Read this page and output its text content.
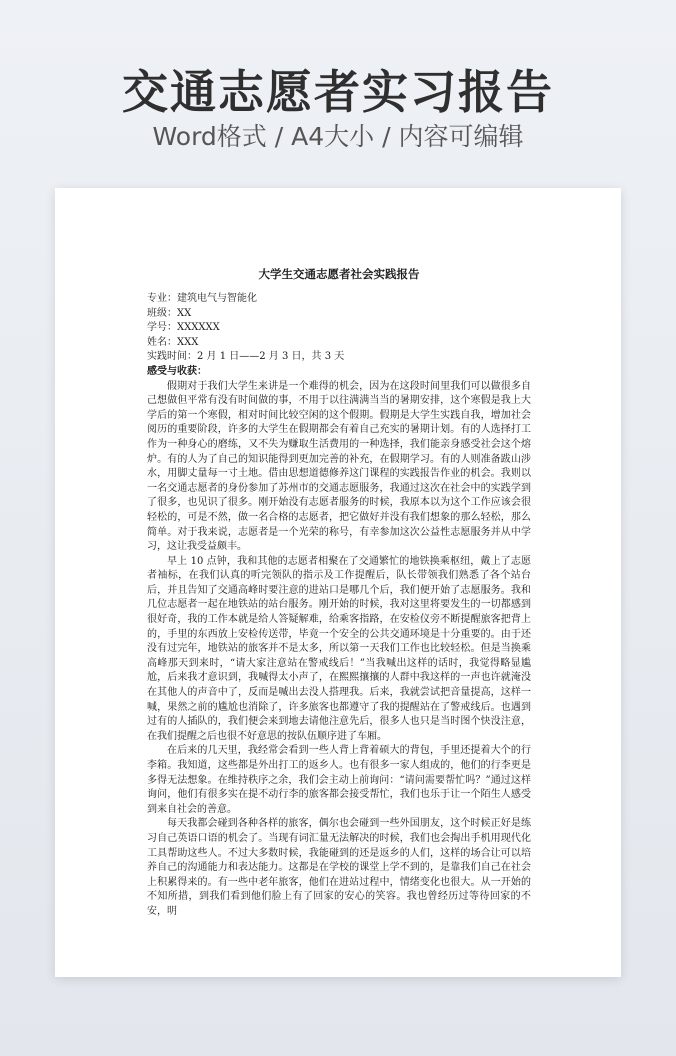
交通志愿者实习报告
Word格式 / A4大小 / 内容可编辑
大学生交通志愿者社会实践报告
专业：建筑电气与智能化
班级：XX
学号：XXXXXX
姓名：XXX
实践时间：2 月 1 日——2 月 3 日，共 3 天
感受与收获：

假期对于我们大学生来讲是一个难得的机会，因为在这段时间里我们可以做很多自己想做但平常有没有时间做的事，不用于以往满满当当的暑期安排，这个寒假是我上大学后的第一个寒假，相对时间比较空闲的这个假期。假期是大学生实践自我，增加社会阅历的重要阶段，许多的大学生在假期都会有着自己充实的暑期计划。有的人选择打工作为一种身心的磨练，又不失为赚取生活费用的一种选择，我们能亲身感受社会这个熔炉。有的人为了自己的知识能得到更加完善的补充，在假期学习。有的人则准备跋山涉水，用脚丈量每一寸土地。借由思想道德修养这门课程的实践报告作业的机会。我则以一名交通志愿者的身份参加了苏州市的交通志愿服务，我通过这次在社会中的实践学到了很多，也见识了很多。刚开始没有志愿者服务的时候，我原本以为这个工作应该会很轻松的，可是不然，做一名合格的志愿者，把它做好并没有我们想象的那么轻松，那么简单。对于我来说，志愿者是一个光荣的称号，有幸参加这次公益性志愿服务并从中学习，这让我受益颇丰。

早上 10 点钟，我和其他的志愿者相聚在了交通繁忙的地铁换乘枢纽，戴上了志愿者袖标，在我们认真的听完领队的指示及工作提醒后，队长带领我们熟悉了各个站台后，并且告知了交通高峰时要注意的进站口是哪几个后，我们便开始了志愿服务。我和几位志愿者一起在地铁站的站台服务。刚开始的时候，我对这里将要发生的一切都感到很好奇，我的工作本就是给人答疑解难，给乘客指路，在安检仪旁不断提醒旅客把背上的，手里的东西放上安检传送带，毕竟一个安全的公共交通环境是十分重要的。由于还没有过完年，地铁站的旅客并不是太多，所以第一天我们工作也比较轻松。但是当换乘高峰那天到来时，“请大家注意站在警戒线后！”当我喊出这样的话时，我觉得略显尴尬，后来我才意识到，我喊得太小声了，在熙熙攘攘的人群中我这样的一声也许就淹没在其他人的声音中了，反而是喊出去没人搭理我。后来，我就尝试把音量提高，这样一喊，果然之前的尴尬也消除了，许多旅客也都遵守了我的提醒站在了警戒线后。也遇到过有的人插队的，我们便会来到地去请他注意先后，很多人也只是当时图个快没注意，在我们提醒之后也很不好意思的按队伍顺序进了车厢。

在后来的几天里，我经常会看到一些人背上背着硕大的背包，手里还提着大个的行李箱。我知道，这些都是外出打工的返乡人。也有很多一家人组成的，他们的行李更是多得无法想象。在维持秩序之余，我们会主动上前询问：“请问需要帮忙吗？”通过这样询问，他们有很多实在提不动行李的旅客都会接受帮忙，我们也乐于让一个陌生人感受到来自社会的善意。

每天我都会碰到各种各样的旅客，偶尔也会碰到一些外国朋友，这个时候正好是练习自己英语口语的机会了。当现有词汇量无法解决的时候，我们也会掏出手机用现代化工具帮助这些人。不过大多数时候，我能碰到的还是返乡的人们，这样的场合让可以培养自己的沟通能力和表达能力。这都是在学校的课堂上学不到的，是靠我们自己在社会上积累得来的。有一些中老年旅客，他们在进站过程中，情绪变化也很大。从一开始的不知所措，到我们看到他们脸上有了回家的安心的笑容。我也曾经历过等待回家的不安，明
